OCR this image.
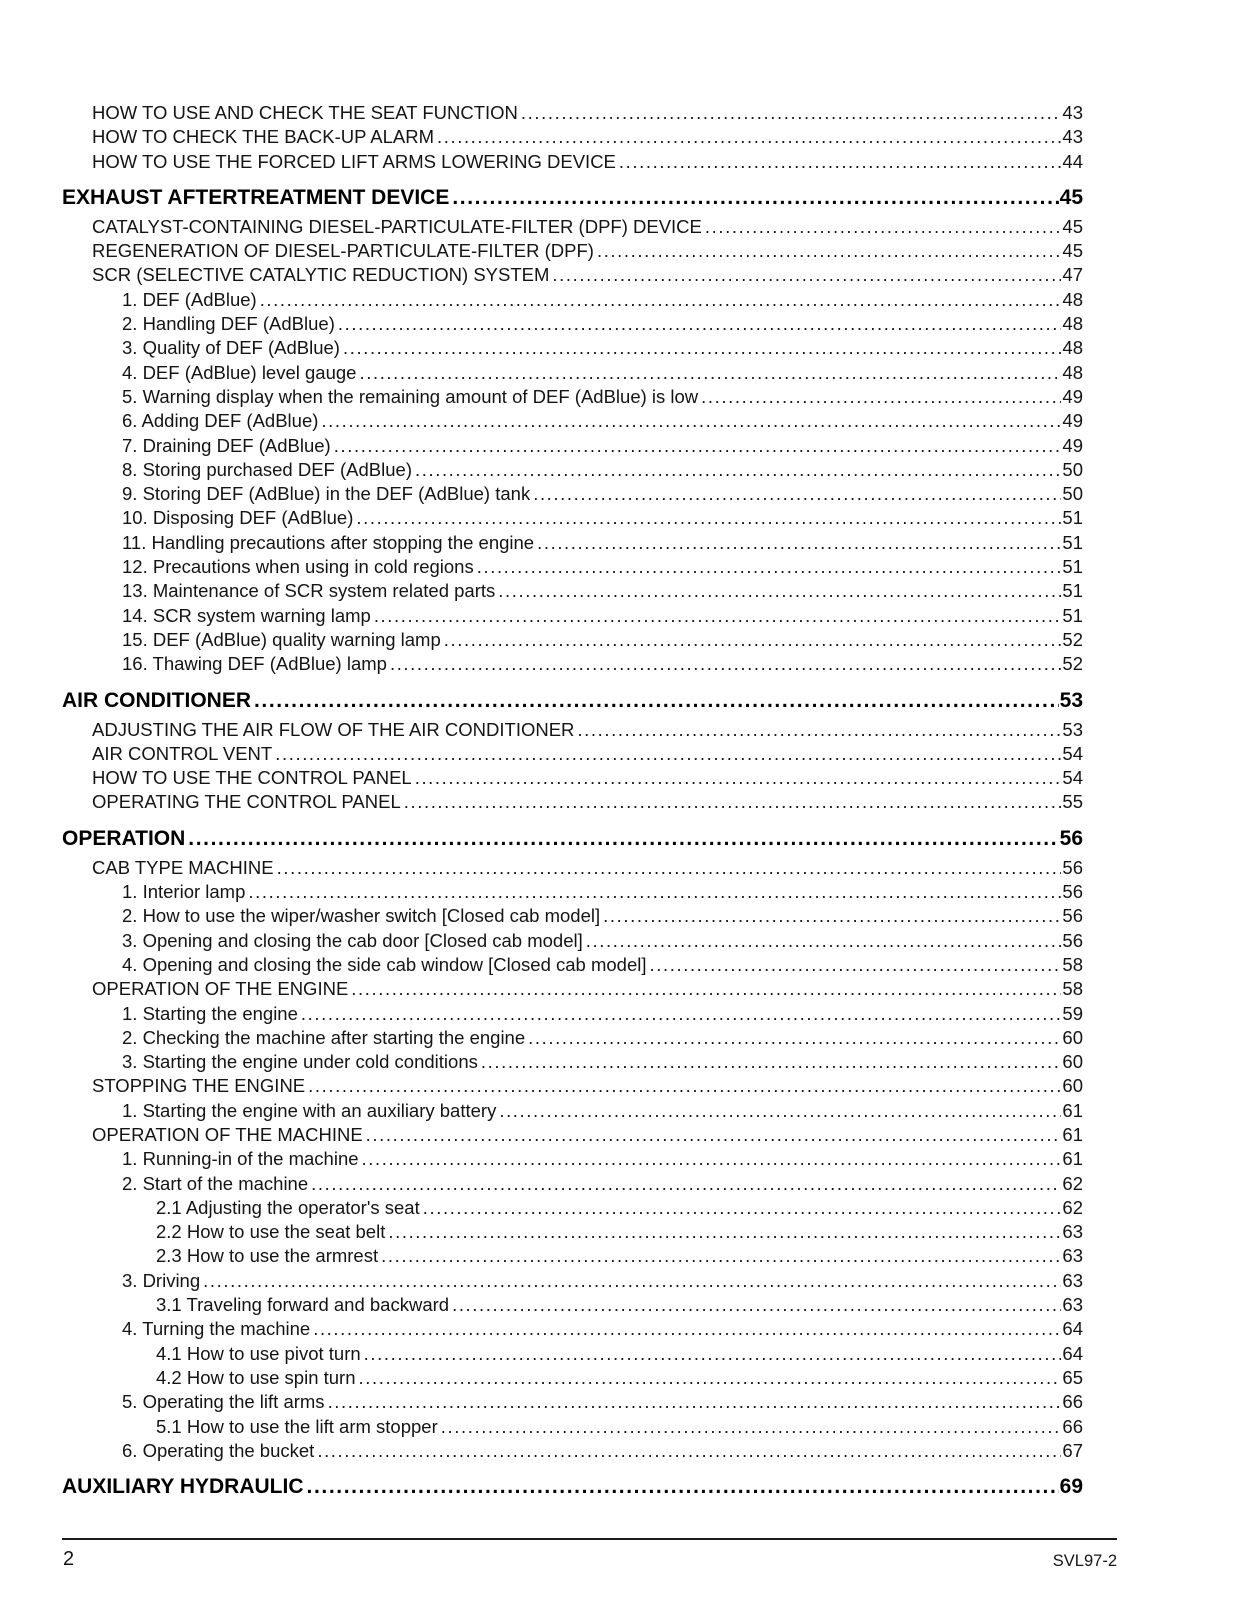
HOW TO USE AND CHECK THE SEAT FUNCTION .....	43
HOW TO CHECK THE BACK-UP ALARM .....	43
HOW TO USE THE FORCED LIFT ARMS LOWERING DEVICE .....	44
EXHAUST AFTERTREATMENT DEVICE .....	45
CATALYST-CONTAINING DIESEL-PARTICULATE-FILTER (DPF) DEVICE .....	45
REGENERATION OF DIESEL-PARTICULATE-FILTER (DPF) .....	45
SCR (SELECTIVE CATALYTIC REDUCTION) SYSTEM .....	47
1. DEF (AdBlue) .....	48
2. Handling DEF (AdBlue) .....	48
3. Quality of DEF (AdBlue) .....	48
4. DEF (AdBlue) level gauge .....	48
5. Warning display when the remaining amount of DEF (AdBlue) is low .....	49
6. Adding DEF (AdBlue) .....	49
7. Draining DEF (AdBlue) .....	49
8. Storing purchased DEF (AdBlue) .....	50
9. Storing DEF (AdBlue) in the DEF (AdBlue) tank .....	50
10. Disposing DEF (AdBlue) .....	51
11. Handling precautions after stopping the engine .....	51
12. Precautions when using in cold regions .....	51
13. Maintenance of SCR system related parts .....	51
14. SCR system warning lamp .....	51
15. DEF (AdBlue) quality warning lamp .....	52
16. Thawing DEF (AdBlue) lamp .....	52
AIR CONDITIONER .....	53
ADJUSTING THE AIR FLOW OF THE AIR CONDITIONER .....	53
AIR CONTROL VENT .....	54
HOW TO USE THE CONTROL PANEL .....	54
OPERATING THE CONTROL PANEL .....	55
OPERATION .....	56
CAB TYPE MACHINE .....	56
1. Interior lamp .....	56
2. How to use the wiper/washer switch [Closed cab model] .....	56
3. Opening and closing the cab door [Closed cab model] .....	56
4. Opening and closing the side cab window [Closed cab model] .....	58
OPERATION OF THE ENGINE .....	58
1. Starting the engine .....	59
2. Checking the machine after starting the engine .....	60
3. Starting the engine under cold conditions .....	60
STOPPING THE ENGINE .....	60
1. Starting the engine with an auxiliary battery .....	61
OPERATION OF THE MACHINE .....	61
1. Running-in of the machine .....	61
2. Start of the machine .....	62
2.1 Adjusting the operator's seat .....	62
2.2 How to use the seat belt .....	63
2.3 How to use the armrest .....	63
3. Driving .....	63
3.1 Traveling forward and backward .....	63
4. Turning the machine .....	64
4.1 How to use pivot turn .....	64
4.2 How to use spin turn .....	65
5. Operating the lift arms .....	66
5.1 How to use the lift arm stopper .....	66
6. Operating the bucket .....	67
AUXILIARY HYDRAULIC .....	69
2	SVL97-2
